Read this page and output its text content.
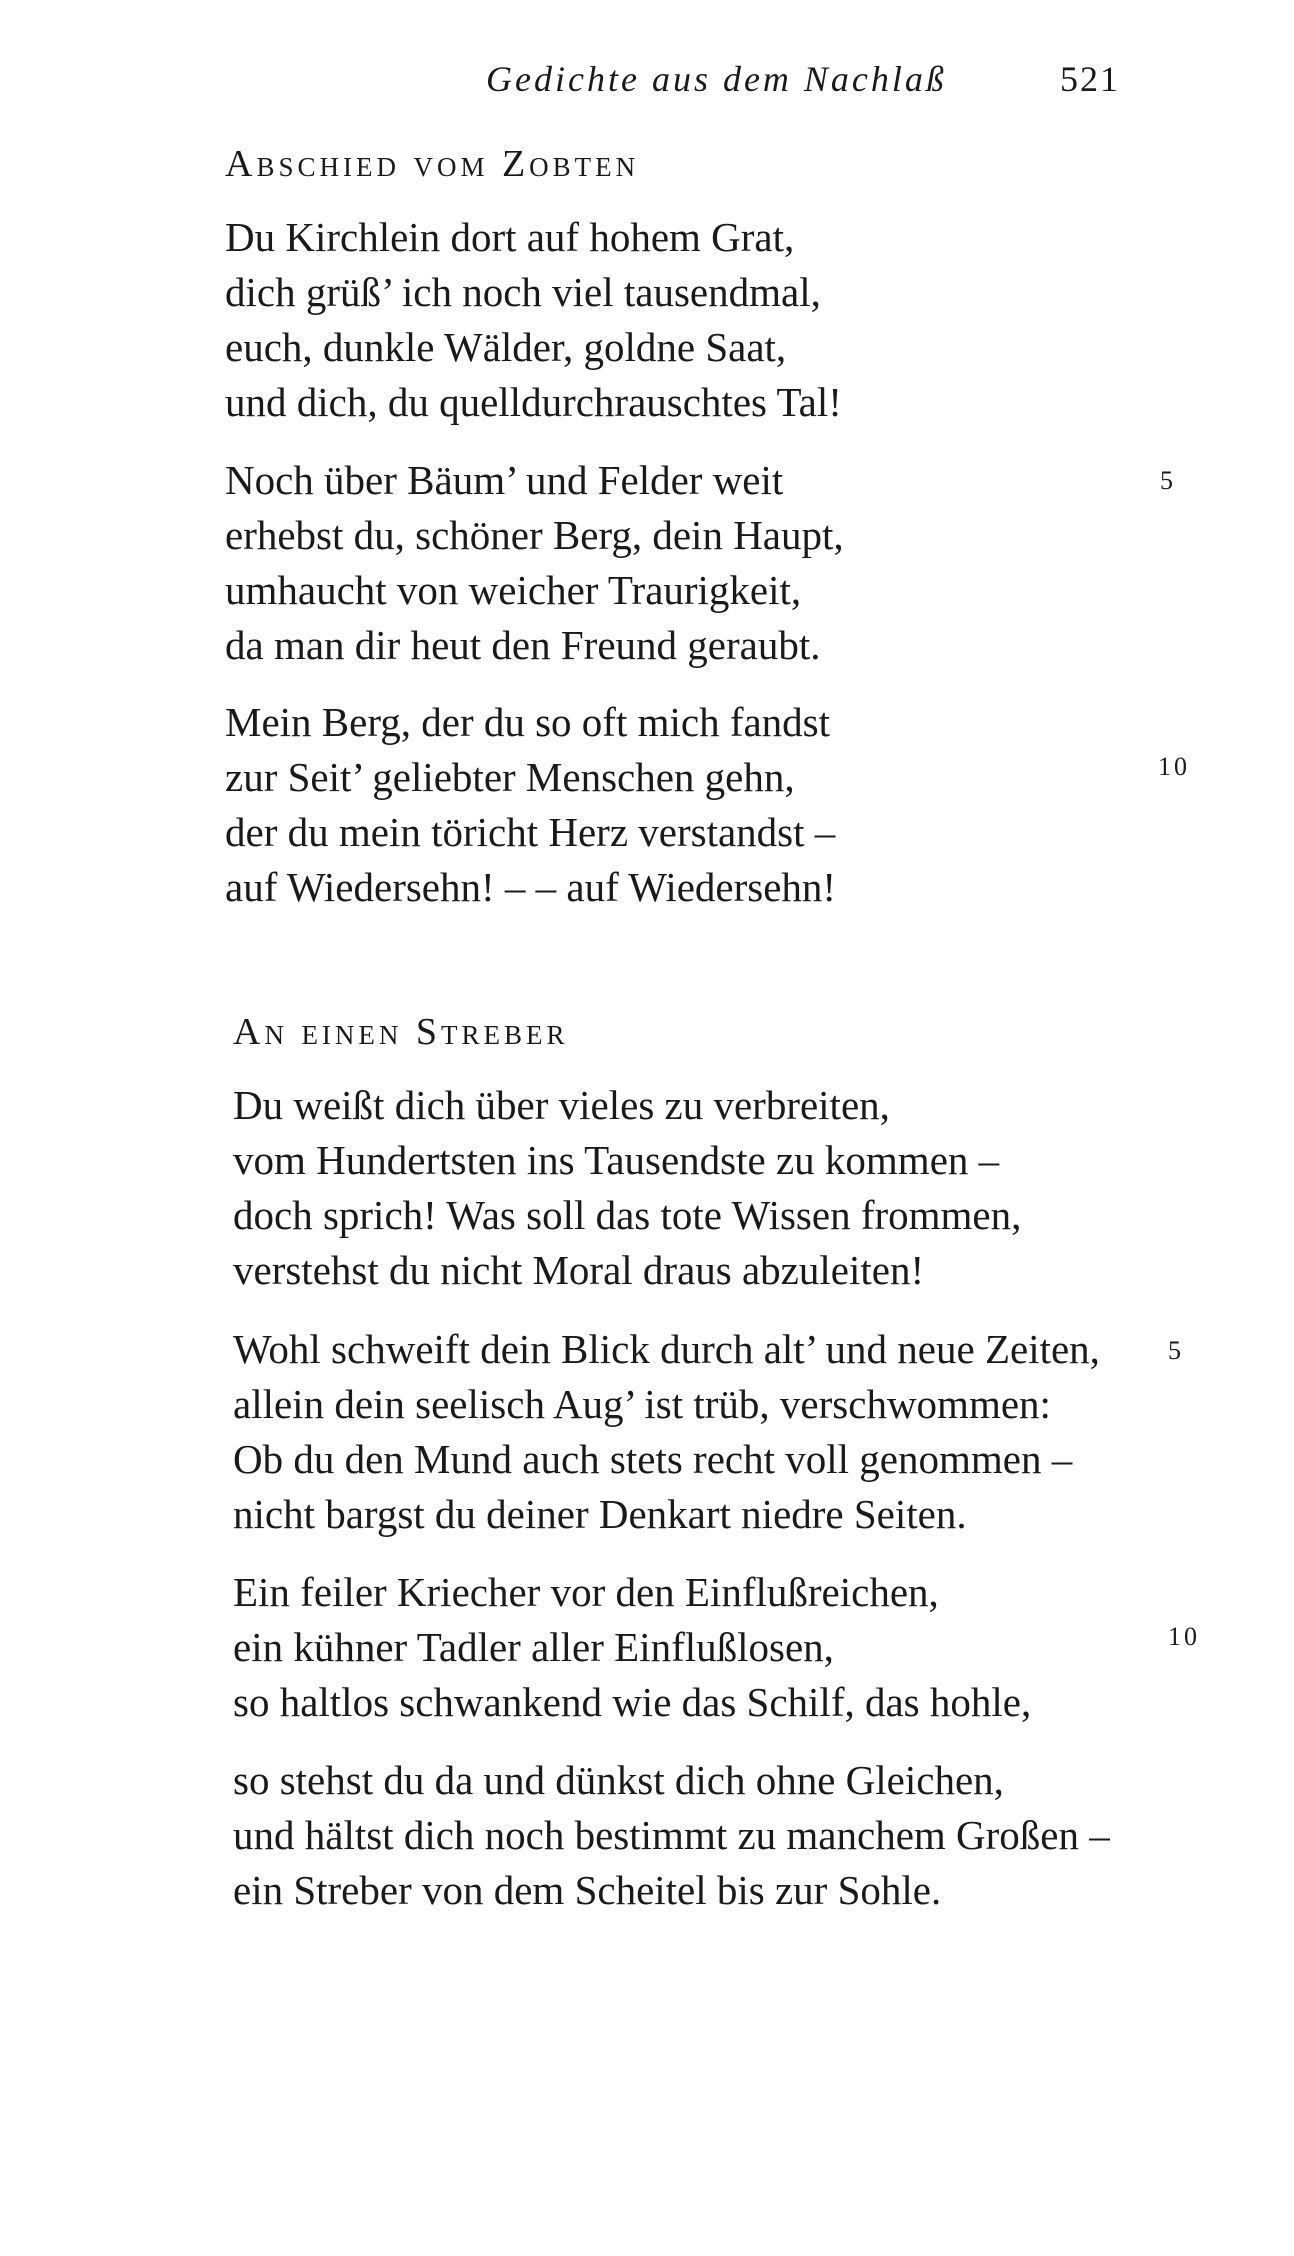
Gedichte aus dem Nachlaß	521
Abschied vom Zobten
Du Kirchlein dort auf hohem Grat,
dich grüß’ ich noch viel tausendmal,
euch, dunkle Wälder, goldne Saat,
und dich, du quelldurchrauschtes Tal!
Noch über Bäum’ und Felder weit	5
erhebst du, schöner Berg, dein Haupt,
umhaucht von weicher Traurigkeit,
da man dir heut den Freund geraubt.
Mein Berg, der du so oft mich fandst
zur Seit’ geliebter Menschen gehn,	10
der du mein töricht Herz verstandst –
auf Wiedersehn! – – auf Wiedersehn!
An einen Streber
Du weißt dich über vieles zu verbreiten,
vom Hundertsten ins Tausendste zu kommen –
doch sprich! Was soll das tote Wissen frommen,
verstehst du nicht Moral draus abzuleiten!
Wohl schweift dein Blick durch alt’ und neue Zeiten,	5
allein dein seelisch Aug’ ist trüb, verschwommen:
Ob du den Mund auch stets recht voll genommen –
nicht bargst du deiner Denkart niedre Seiten.
Ein feiler Kriecher vor den Einflußreichen,
ein kühner Tadler aller Einflußlosen,	10
so haltlos schwankend wie das Schilf, das hohle,
so stehst du da und dünkst dich ohne Gleichen,
und hältst dich noch bestimmt zu manchem Großen –
ein Streber von dem Scheitel bis zur Sohle.
